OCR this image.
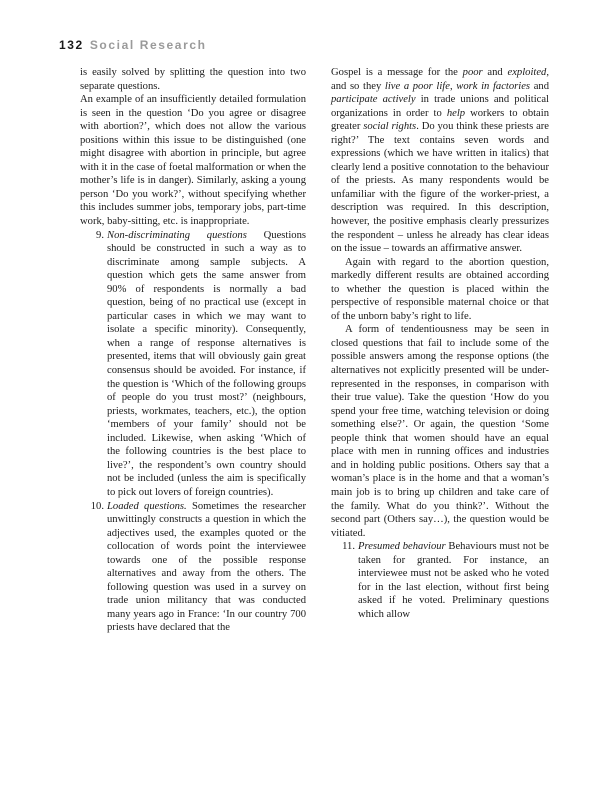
132 Social Research

is easily solved by splitting the question into two separate questions.

An example of an insufficiently detailed formulation is seen in the question ‘Do you agree or disagree with abortion?’, which does not allow the various positions within this issue to be distinguished (one might disagree with abortion in principle, but agree with it in the case of foetal malformation or when the mother’s life is in danger). Similarly, asking a young person ‘Do you work?’, without specifying whether this includes summer jobs, temporary jobs, part-time work, baby-sitting, etc. is inappropriate.

9. Non-discriminating questions Questions should be constructed in such a way as to discriminate among sample subjects. A question which gets the same answer from 90% of respondents is normally a bad question, being of no practical use (except in particular cases in which we may want to isolate a specific minority). Consequently, when a range of response alternatives is presented, items that will obviously gain great consensus should be avoided. For instance, if the question is ‘Which of the following groups of people do you trust most?’ (neighbours, priests, workmates, teachers, etc.), the option ‘members of your family’ should not be included. Likewise, when asking ‘Which of the following countries is the best place to live?’, the respondent’s own country should not be included (unless the aim is specifically to pick out lovers of foreign countries).

10. Loaded questions. Sometimes the researcher unwittingly constructs a question in which the adjectives used, the examples quoted or the collocation of words point the interviewee towards one of the possible response alternatives and away from the others. The following question was used in a survey on trade union militancy that was conducted many years ago in France: ‘In our country 700 priests have declared that the

Gospel is a message for the poor and exploited, and so they live a poor life, work in factories and participate actively in trade unions and political organizations in order to help workers to obtain greater social rights. Do you think these priests are right?’ The text contains seven words and expressions (which we have written in italics) that clearly lend a positive connotation to the behaviour of the priests. As many respondents would be unfamiliar with the figure of the worker-priest, a description was required. In this description, however, the positive emphasis clearly pressurizes the respondent – unless he already has clear ideas on the issue – towards an affirmative answer.

Again with regard to the abortion question, markedly different results are obtained according to whether the question is placed within the perspective of responsible maternal choice or that of the unborn baby’s right to life.

A form of tendentiousness may be seen in closed questions that fail to include some of the possible answers among the response options (the alternatives not explicitly presented will be under-represented in the responses, in comparison with their true value). Take the question ‘How do you spend your free time, watching television or doing something else?’. Or again, the question ‘Some people think that women should have an equal place with men in running offices and industries and in holding public positions. Others say that a woman’s place is in the home and that a woman’s main job is to bring up children and take care of the family. What do you think?’. Without the second part (Others say…), the question would be vitiated.

11. Presumed behaviour Behaviours must not be taken for granted. For instance, an interviewee must not be asked who he voted for in the last election, without first being asked if he voted. Preliminary questions which allow
